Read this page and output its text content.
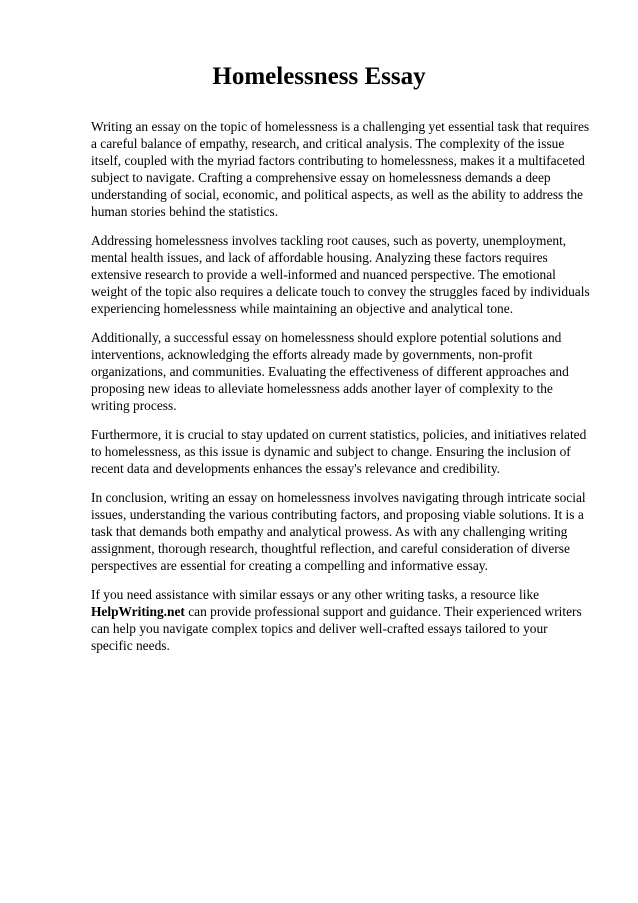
Homelessness Essay

Writing an essay on the topic of homelessness is a challenging yet essential task that requires a careful balance of empathy, research, and critical analysis. The complexity of the issue itself, coupled with the myriad factors contributing to homelessness, makes it a multifaceted subject to navigate. Crafting a comprehensive essay on homelessness demands a deep understanding of social, economic, and political aspects, as well as the ability to address the human stories behind the statistics.

Addressing homelessness involves tackling root causes, such as poverty, unemployment, mental health issues, and lack of affordable housing. Analyzing these factors requires extensive research to provide a well-informed and nuanced perspective. The emotional weight of the topic also requires a delicate touch to convey the struggles faced by individuals experiencing homelessness while maintaining an objective and analytical tone.

Additionally, a successful essay on homelessness should explore potential solutions and interventions, acknowledging the efforts already made by governments, non-profit organizations, and communities. Evaluating the effectiveness of different approaches and proposing new ideas to alleviate homelessness adds another layer of complexity to the writing process.

Furthermore, it is crucial to stay updated on current statistics, policies, and initiatives related to homelessness, as this issue is dynamic and subject to change. Ensuring the inclusion of recent data and developments enhances the essay's relevance and credibility.

In conclusion, writing an essay on homelessness involves navigating through intricate social issues, understanding the various contributing factors, and proposing viable solutions. It is a task that demands both empathy and analytical prowess. As with any challenging writing assignment, thorough research, thoughtful reflection, and careful consideration of diverse perspectives are essential for creating a compelling and informative essay.

If you need assistance with similar essays or any other writing tasks, a resource like HelpWriting.net can provide professional support and guidance. Their experienced writers can help you navigate complex topics and deliver well-crafted essays tailored to your specific needs.
